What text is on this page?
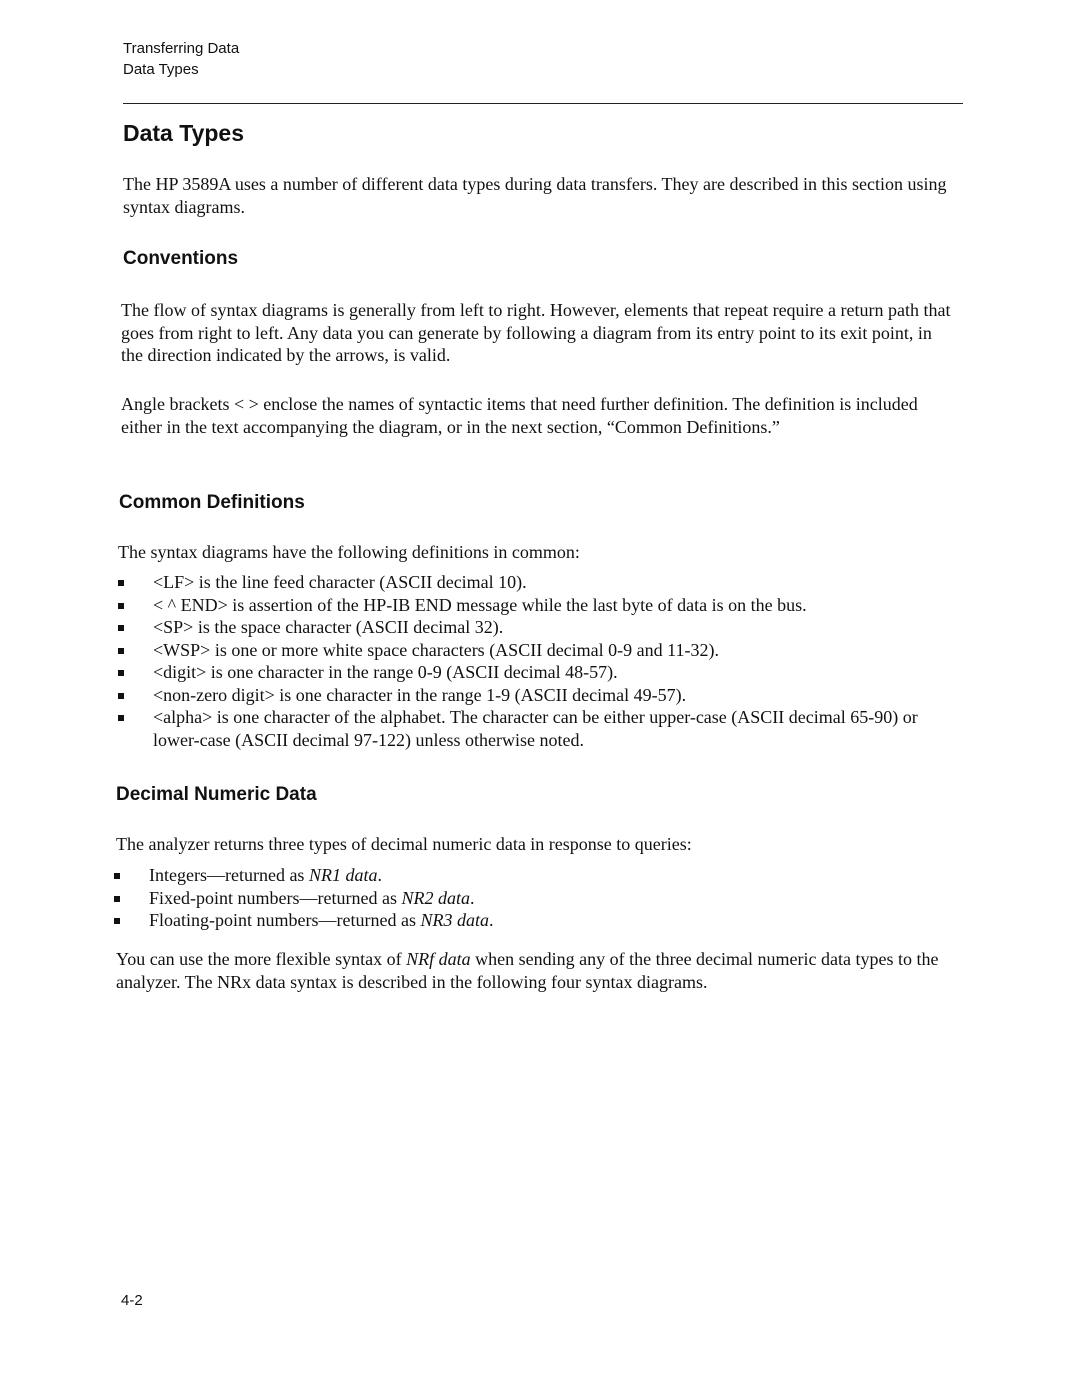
Transferring Data
Data Types
Data Types

The HP 3589A uses a number of different data types during data transfers. They are described in this section using syntax diagrams.

Conventions

The flow of syntax diagrams is generally from left to right. However, elements that repeat require a return path that goes from right to left. Any data you can generate by following a diagram from its entry point to its exit point, in the direction indicated by the arrows, is valid.

Angle brackets < > enclose the names of syntactic items that need further definition. The definition is included either in the text accompanying the diagram, or in the next section, “Common Definitions.”

Common Definitions

The syntax diagrams have the following definitions in common:

<LF> is the line feed character (ASCII decimal 10).
< ^ END> is assertion of the HP-IB END message while the last byte of data is on the bus.
<SP> is the space character (ASCII decimal 32).
<WSP> is one or more white space characters (ASCII decimal 0-9 and 11-32).
<digit> is one character in the range 0-9 (ASCII decimal 48-57).
<non-zero digit> is one character in the range 1-9 (ASCII decimal 49-57).
<alpha> is one character of the alphabet. The character can be either upper-case (ASCII decimal 65-90) or lower-case (ASCII decimal 97-122) unless otherwise noted.
Decimal Numeric Data

The analyzer returns three types of decimal numeric data in response to queries:

Integers—returned as NR1 data.
Fixed-point numbers—returned as NR2 data.
Floating-point numbers—returned as NR3 data.

You can use the more flexible syntax of NRf data when sending any of the three decimal numeric data types to the analyzer. The NRx data syntax is described in the following four syntax diagrams.

4-2
